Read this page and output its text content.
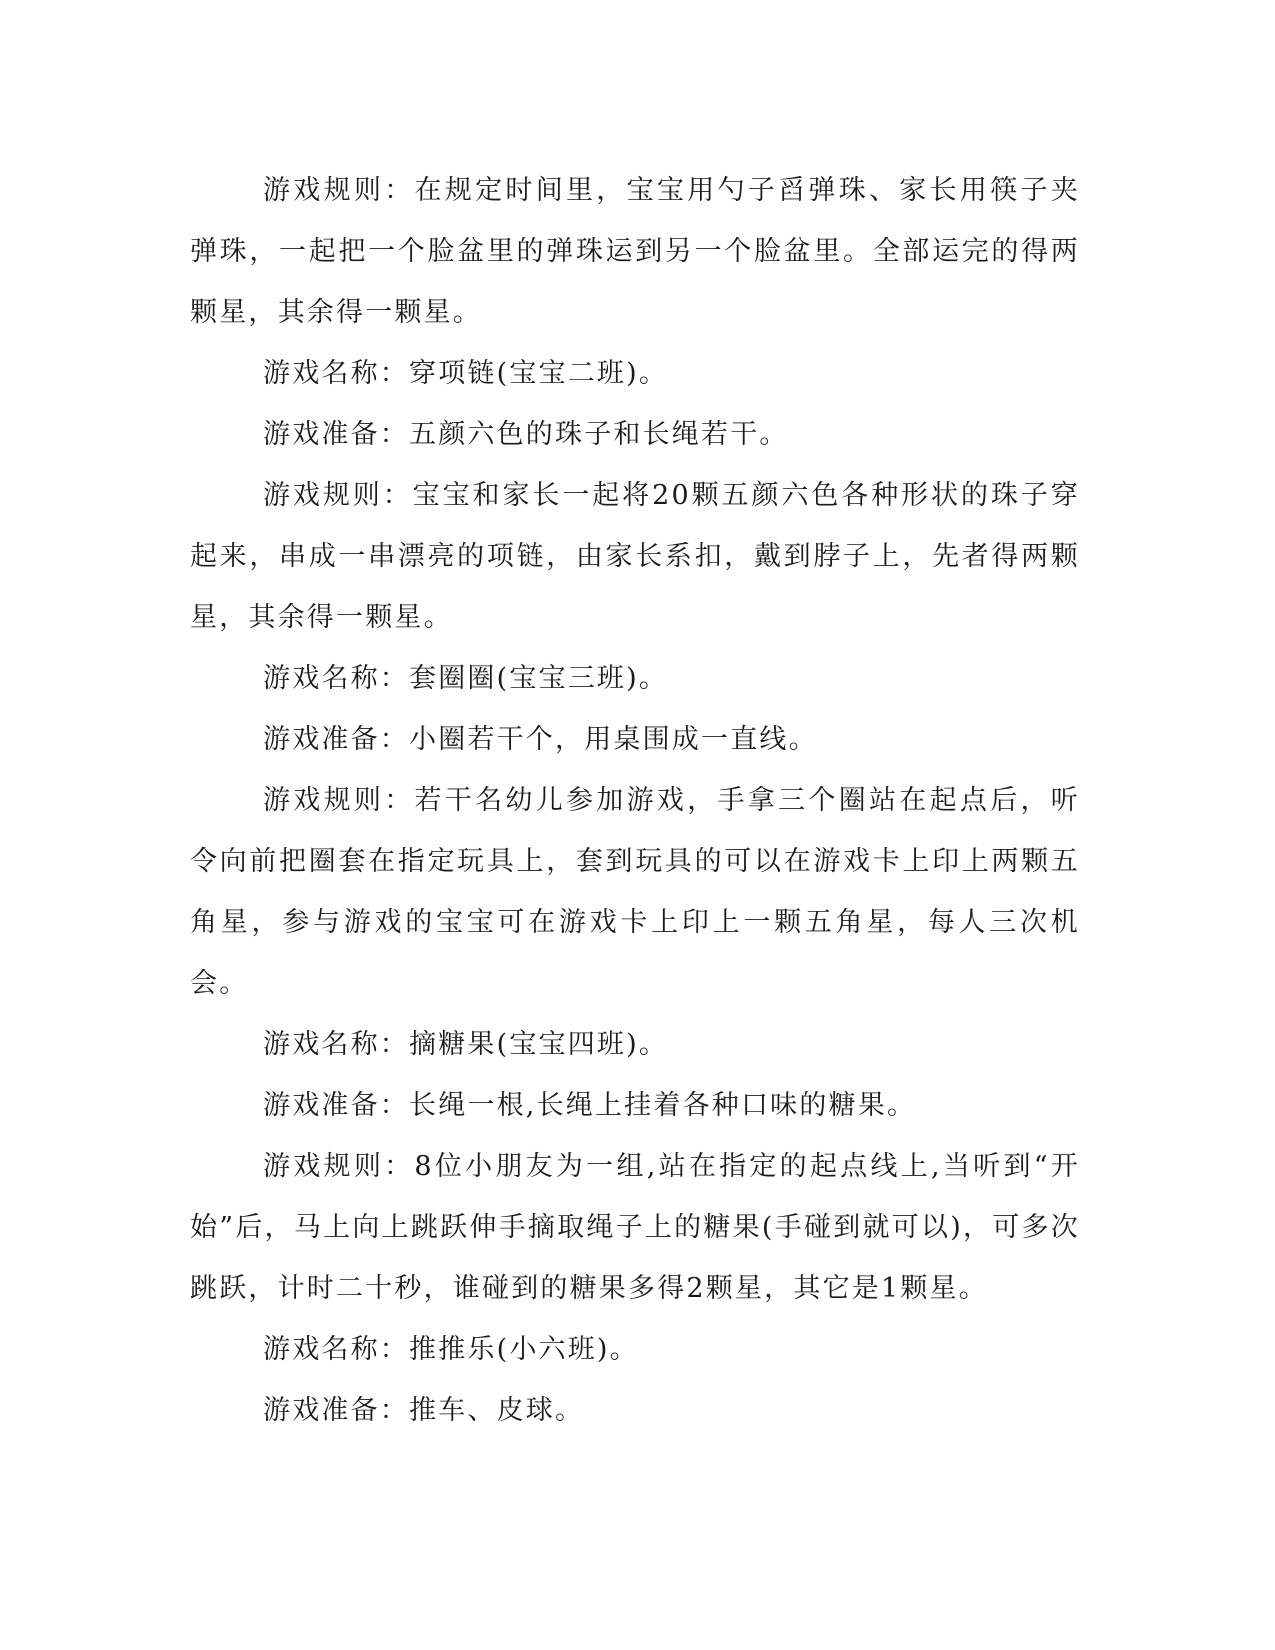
游戏规则：在规定时间里，宝宝用勺子舀弹珠、家长用筷子夹弹珠，一起把一个脸盆里的弹珠运到另一个脸盆里。全部运完的得两颗星，其余得一颗星。

游戏名称：穿项链(宝宝二班)。

游戏准备：五颜六色的珠子和长绳若干。

游戏规则：宝宝和家长一起将20颗五颜六色各种形状的珠子穿起来，串成一串漂亮的项链，由家长系扣，戴到脖子上，先者得两颗星，其余得一颗星。

游戏名称：套圈圈(宝宝三班)。

游戏准备：小圈若干个，用桌围成一直线。

游戏规则：若干名幼儿参加游戏，手拿三个圈站在起点后，听令向前把圈套在指定玩具上，套到玩具的可以在游戏卡上印上两颗五角星，参与游戏的宝宝可在游戏卡上印上一颗五角星，每人三次机会。

游戏名称：摘糖果(宝宝四班)。

游戏准备：长绳一根,长绳上挂着各种口味的糖果。

游戏规则：8位小朋友为一组,站在指定的起点线上,当听到“开始”后，马上向上跳跃伸手摘取绳子上的糖果(手碰到就可以)，可多次跳跃，计时二十秒，谁碰到的糖果多得2颗星，其它是1颗星。

游戏名称：推推乐(小六班)。

游戏准备：推车、皮球。
